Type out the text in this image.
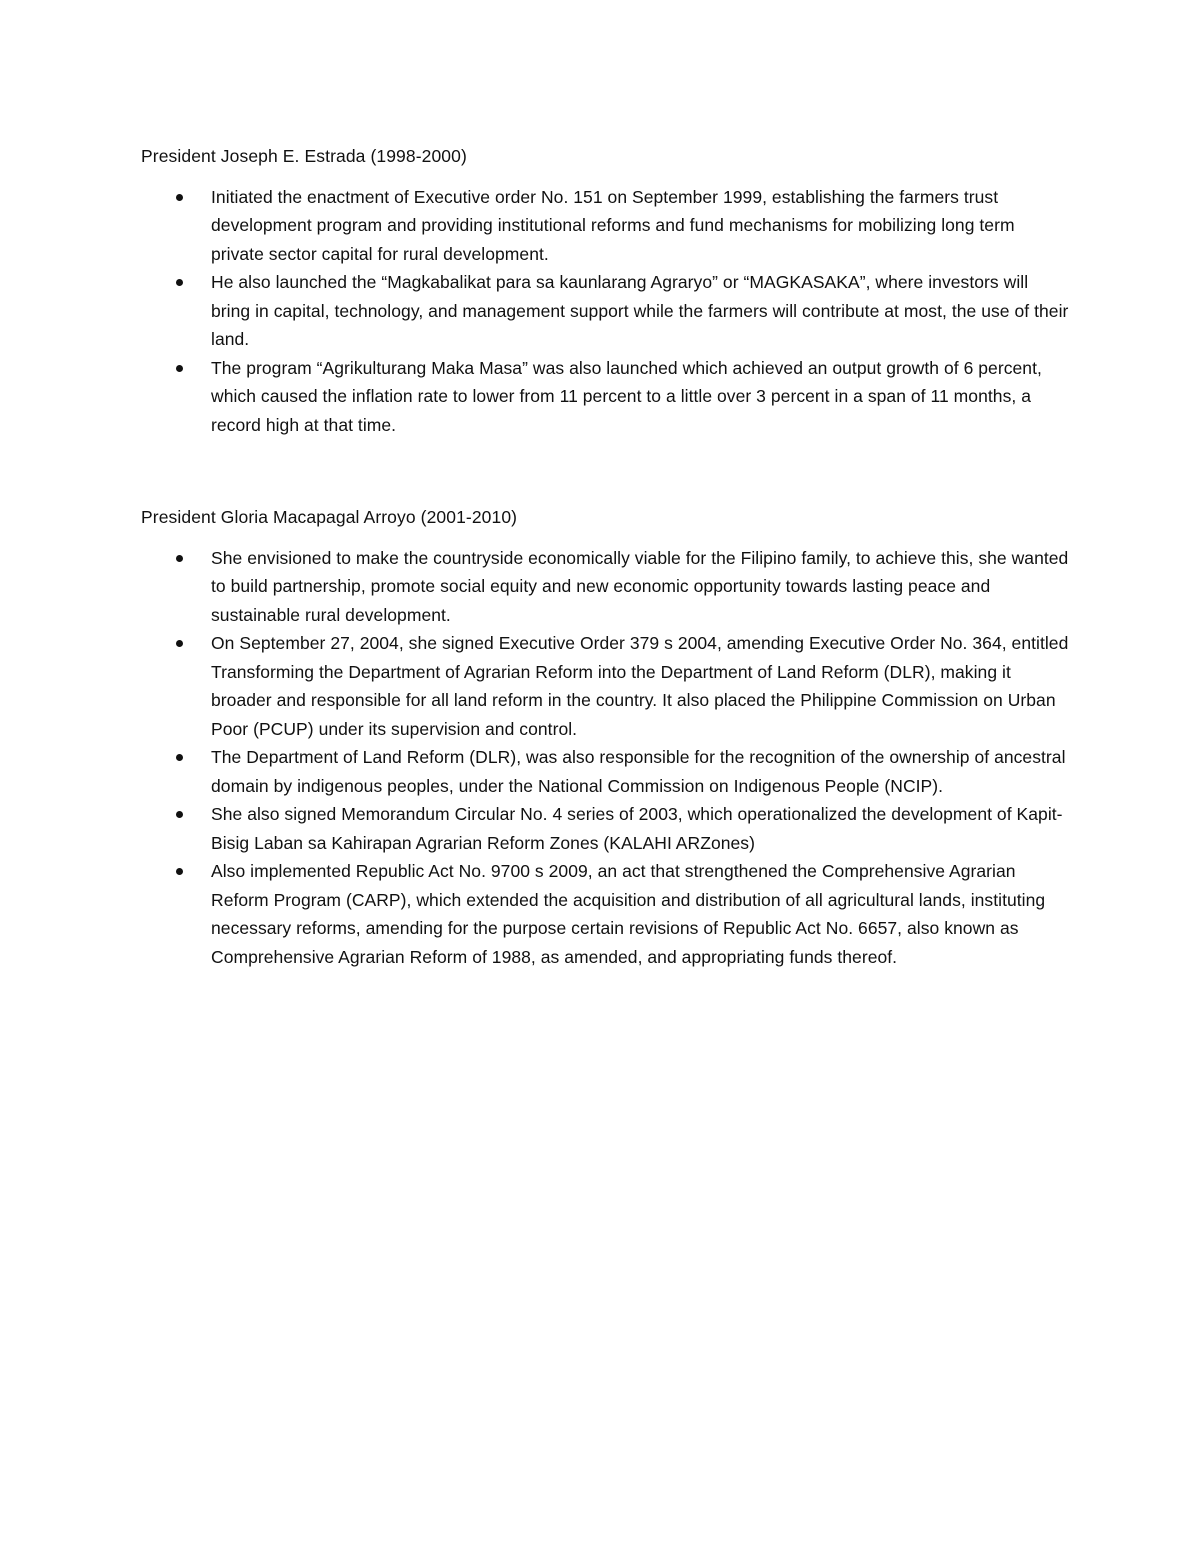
President Joseph E. Estrada (1998-2000)

Initiated the enactment of Executive order No. 151 on September 1999, establishing the farmers trust development program and providing institutional reforms and fund mechanisms for mobilizing long term private sector capital for rural development.
He also launched the “Magkabalikat para sa kaunlarang Agraryo” or “MAGKASAKA”, where investors will bring in capital, technology, and management support while the farmers will contribute at most, the use of their land.
The program “Agrikulturang Maka Masa” was also launched which achieved an output growth of 6 percent, which caused the inflation rate to lower from 11 percent to a little over 3 percent in a span of 11 months, a record high at that time.

President Gloria Macapagal Arroyo (2001-2010)

She envisioned to make the countryside economically viable for the Filipino family, to achieve this, she wanted to build partnership, promote social equity and new economic opportunity towards lasting peace and sustainable rural development.
On September 27, 2004, she signed Executive Order 379 s 2004, amending Executive Order No. 364, entitled Transforming the Department of Agrarian Reform into the Department of Land Reform (DLR), making it broader and responsible for all land reform in the country. It also placed the Philippine Commission on Urban Poor (PCUP) under its supervision and control.
The Department of Land Reform (DLR), was also responsible for the recognition of the ownership of ancestral domain by indigenous peoples, under the National Commission on Indigenous People (NCIP).
She also signed Memorandum Circular No. 4 series of 2003, which operationalized the development of Kapit-Bisig Laban sa Kahirapan Agrarian Reform Zones (KALAHI ARZones)
Also implemented Republic Act No. 9700 s 2009, an act that strengthened the Comprehensive Agrarian Reform Program (CARP), which extended the acquisition and distribution of all agricultural lands, instituting necessary reforms, amending for the purpose certain revisions of Republic Act No. 6657, also known as Comprehensive Agrarian Reform of 1988, as amended, and appropriating funds thereof.
